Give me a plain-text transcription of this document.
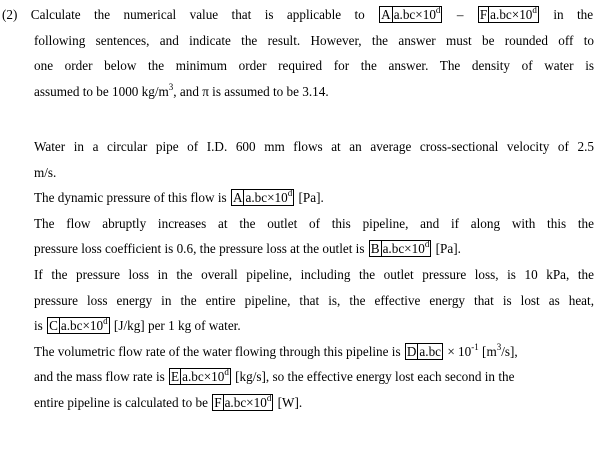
(2) Calculate the numerical value that is applicable to A $a.bc\times 10^d - F$ $a.bc\times 10^d$ in the
following sentences, and indicate the result. However, the answer must be rounded off to
one order below the minimum order required for the answer. The density of water is
assumed to be 1000 $kg/m^3$, and π is assumed to be 3.14.
Water in a circular pipe of I.D. 600 mm flows at an average cross-sectional velocity of 2.5
m/s.
The dynamic pressure of this flow is A $a.bc\times 10^d$ [Pa].
The flow abruptly increases at the outlet of this pipeline, and if along with this the
pressure loss coefficient is 0.6, the pressure loss at the outlet is B $a.bc\times 10^d$ [Pa].
If the pressure loss in the overall pipeline, including the outlet pressure loss, is 10 kPa, the
pressure loss energy in the entire pipeline, that is, the effective energy that is lost as heat,
is C $a.bc\times 10^d$ [J/kg] per 1 kg of water.
The volumetric flow rate of the water flowing through this pipeline is D $a.bc \times 10^{-1}$ $[m^3/s]$,
and the mass flow rate is E $a.bc\times 10^d$ [kg/s], so the effective energy lost each second in the
entire pipeline is calculated to be F $a.bc\times 10^d$ [W].
